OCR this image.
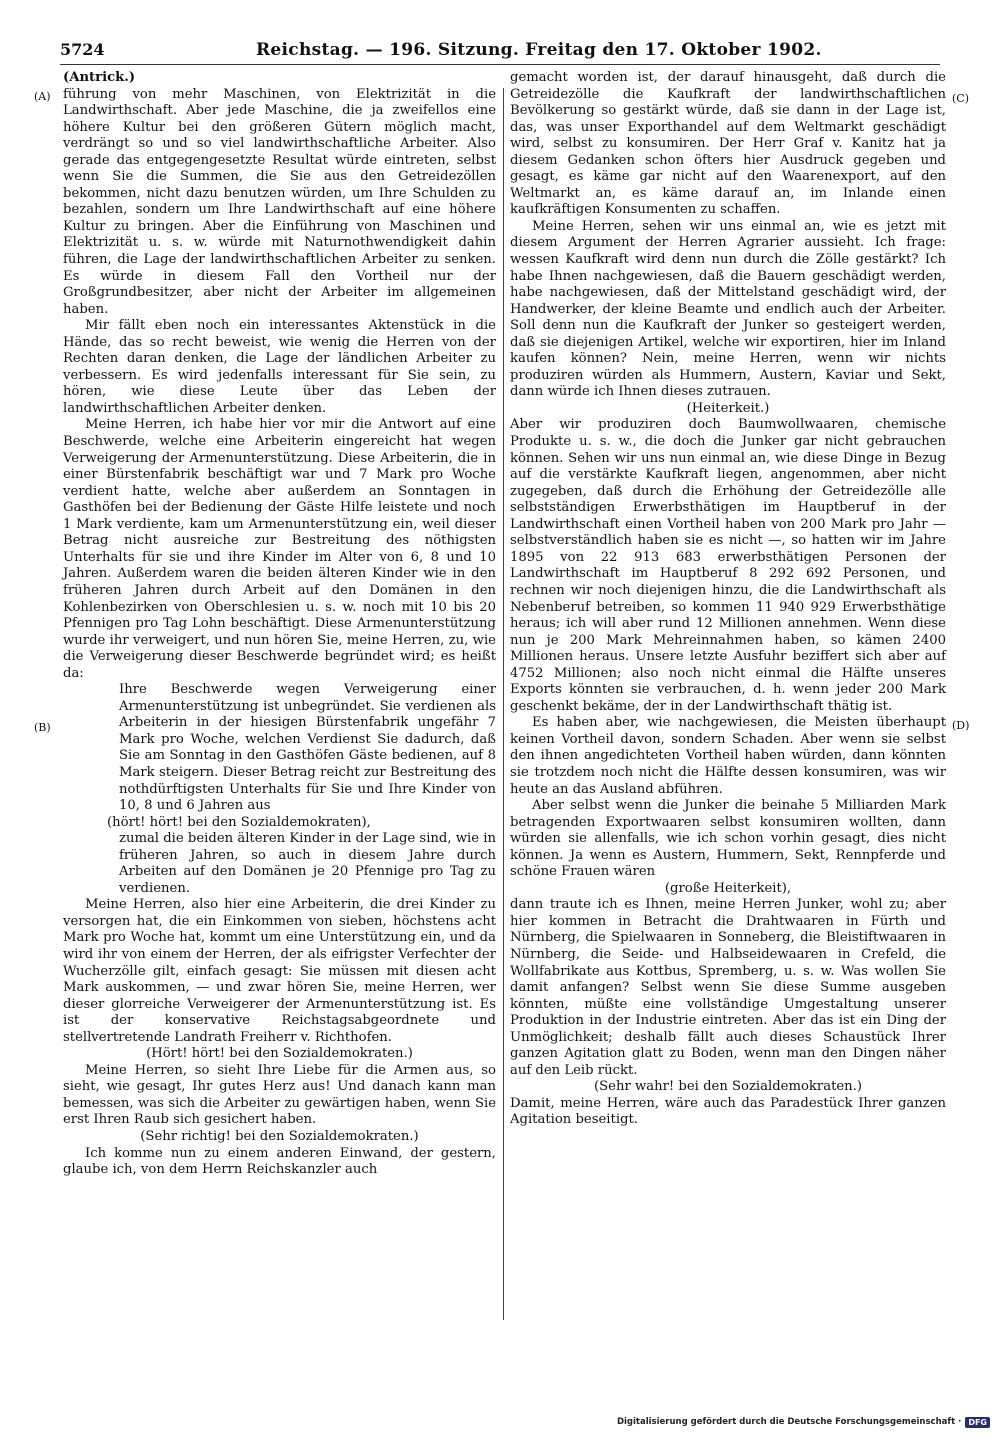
5724	Reichstag. — 196. Sitzung. Freitag den 17. Oktober 1902.
(A)
(B)
(C)
(D)

(Antrick.)

führung von mehr Maschinen, von Elektrizität in die Landwirthschaft. Aber jede Maschine, die ja zweifellos eine höhere Kultur bei den größeren Gütern möglich macht, verdrängt so und so viel landwirthschaftliche Arbeiter. Also gerade das entgegengesetzte Resultat würde eintreten, selbst wenn Sie die Summen, die Sie aus den Getreidezöllen bekommen, nicht dazu benutzen würden, um Ihre Schulden zu bezahlen, sondern um Ihre Landwirthschaft auf eine höhere Kultur zu bringen. Aber die Einführung von Maschinen und Elektrizität u. s. w. würde mit Naturnothwendigkeit dahin führen, die Lage der landwirthschaftlichen Arbeiter zu senken. Es würde in diesem Fall den Vortheil nur der Großgrundbesitzer, aber nicht der Arbeiter im allgemeinen haben.

Mir fällt eben noch ein interessantes Aktenstück in die Hände, das so recht beweist, wie wenig die Herren von der Rechten daran denken, die Lage der ländlichen Arbeiter zu verbessern. Es wird jedenfalls interessant für Sie sein, zu hören, wie diese Leute über das Leben der landwirthschaftlichen Arbeiter denken.

Meine Herren, ich habe hier vor mir die Antwort auf eine Beschwerde, welche eine Arbeiterin eingereicht hat wegen Verweigerung der Armenunterstützung. Diese Arbeiterin, die in einer Bürstenfabrik beschäftigt war und 7 Mark pro Woche verdient hatte, welche aber außerdem an Sonntagen in Gasthöfen bei der Bedienung der Gäste Hilfe leistete und noch 1 Mark verdiente, kam um Armenunterstützung ein, weil dieser Betrag nicht ausreiche zur Bestreitung des nöthigsten Unterhalts für sie und ihre Kinder im Alter von 6, 8 und 10 Jahren. Außerdem waren die beiden älteren Kinder wie in den früheren Jahren durch Arbeit auf den Domänen in den Kohlenbezirken von Oberschlesien u. s. w. noch mit 10 bis 20 Pfennigen pro Tag Lohn beschäftigt. Diese Armenunterstützung wurde ihr verweigert, und nun hören Sie, meine Herren, zu, wie die Verweigerung dieser Beschwerde begründet wird; es heißt da:

Ihre Beschwerde wegen Verweigerung einer Armenunterstützung ist unbegründet. Sie verdienen als Arbeiterin in der hiesigen Bürstenfabrik ungefähr 7 Mark pro Woche, welchen Verdienst Sie dadurch, daß Sie am Sonntag in den Gasthöfen Gäste bedienen, auf 8 Mark steigern. Dieser Betrag reicht zur Bestreitung des nothdürftigsten Unterhalts für Sie und Ihre Kinder von 10, 8 und 6 Jahren aus

(hört! hört! bei den Sozialdemokraten),

zumal die beiden älteren Kinder in der Lage sind, wie in früheren Jahren, so auch in diesem Jahre durch Arbeiten auf den Domänen je 20 Pfennige pro Tag zu verdienen.

Meine Herren, also hier eine Arbeiterin, die drei Kinder zu versorgen hat, die ein Einkommen von sieben, höchstens acht Mark pro Woche hat, kommt um eine Unterstützung ein, und da wird ihr von einem der Herren, der als eifrigster Verfechter der Wucherzölle gilt, einfach gesagt: Sie müssen mit diesen acht Mark auskommen, — und zwar hören Sie, meine Herren, wer dieser glorreiche Verweigerer der Armenunterstützung ist. Es ist der konservative Reichstagsabgeordnete und stellvertretende Landrath Freiherr v. Richthofen.

(Hört! hört! bei den Sozialdemokraten.)

Meine Herren, so sieht Ihre Liebe für die Armen aus, so sieht, wie gesagt, Ihr gutes Herz aus! Und danach kann man bemessen, was sich die Arbeiter zu gewärtigen haben, wenn Sie erst Ihren Raub sich gesichert haben.

(Sehr richtig! bei den Sozialdemokraten.)

Ich komme nun zu einem anderen Einwand, der gestern, glaube ich, von dem Herrn Reichskanzler auch

gemacht worden ist, der darauf hinausgeht, daß durch die Getreidezölle die Kaufkraft der landwirthschaftlichen Bevölkerung so gestärkt würde, daß sie dann in der Lage ist, das, was unser Exporthandel auf dem Weltmarkt geschädigt wird, selbst zu konsumiren. Der Herr Graf v. Kanitz hat ja diesem Gedanken schon öfters hier Ausdruck gegeben und gesagt, es käme gar nicht auf den Waarenexport, auf den Weltmarkt an, es käme darauf an, im Inlande einen kaufkräftigen Konsumenten zu schaffen.

Meine Herren, sehen wir uns einmal an, wie es jetzt mit diesem Argument der Herren Agrarier aussieht. Ich frage: wessen Kaufkraft wird denn nun durch die Zölle gestärkt? Ich habe Ihnen nachgewiesen, daß die Bauern geschädigt werden, habe nachgewiesen, daß der Mittelstand geschädigt wird, der Handwerker, der kleine Beamte und endlich auch der Arbeiter. Soll denn nun die Kaufkraft der Junker so gesteigert werden, daß sie diejenigen Artikel, welche wir exportiren, hier im Inland kaufen können? Nein, meine Herren, wenn wir nichts produziren würden als Hummern, Austern, Kaviar und Sekt, dann würde ich Ihnen dieses zutrauen.

(Heiterkeit.)

Aber wir produziren doch Baumwollwaaren, chemische Produkte u. s. w., die doch die Junker gar nicht gebrauchen können. Sehen wir uns nun einmal an, wie diese Dinge in Bezug auf die verstärkte Kaufkraft liegen, angenommen, aber nicht zugegeben, daß durch die Erhöhung der Getreidezölle alle selbstständigen Erwerbsthätigen im Hauptberuf in der Landwirthschaft einen Vortheil haben von 200 Mark pro Jahr — selbstverständlich haben sie es nicht —, so hatten wir im Jahre 1895 von 22 913 683 erwerbsthätigen Personen der Landwirthschaft im Hauptberuf 8 292 692 Personen, und rechnen wir noch diejenigen hinzu, die die Landwirthschaft als Nebenberuf betreiben, so kommen 11 940 929 Erwerbsthätige heraus; ich will aber rund 12 Millionen annehmen. Wenn diese nun je 200 Mark Mehreinnahmen haben, so kämen 2400 Millionen heraus. Unsere letzte Ausfuhr beziffert sich aber auf 4752 Millionen; also noch nicht einmal die Hälfte unseres Exports könnten sie verbrauchen, d. h. wenn jeder 200 Mark geschenkt bekäme, der in der Landwirthschaft thätig ist.

Es haben aber, wie nachgewiesen, die Meisten überhaupt keinen Vortheil davon, sondern Schaden. Aber wenn sie selbst den ihnen angedichteten Vortheil haben würden, dann könnten sie trotzdem noch nicht die Hälfte dessen konsumiren, was wir heute an das Ausland abführen.

Aber selbst wenn die Junker die beinahe 5 Milliarden Mark betragenden Exportwaaren selbst konsumiren wollten, dann würden sie allenfalls, wie ich schon vorhin gesagt, dies nicht können. Ja wenn es Austern, Hummern, Sekt, Rennpferde und schöne Frauen wären

(große Heiterkeit),

dann traute ich es Ihnen, meine Herren Junker, wohl zu; aber hier kommen in Betracht die Drahtwaaren in Fürth und Nürnberg, die Spielwaaren in Sonneberg, die Bleistiftwaaren in Nürnberg, die Seide- und Halbseidewaaren in Crefeld, die Wollfabrikate aus Kottbus, Spremberg, u. s. w. Was wollen Sie damit anfangen? Selbst wenn Sie diese Summe ausgeben könnten, müßte eine vollständige Umgestaltung unserer Produktion in der Industrie eintreten. Aber das ist ein Ding der Unmöglichkeit; deshalb fällt auch dieses Schaustück Ihrer ganzen Agitation glatt zu Boden, wenn man den Dingen näher auf den Leib rückt.

(Sehr wahr! bei den Sozialdemokraten.)

Damit, meine Herren, wäre auch das Paradestück Ihrer ganzen Agitation beseitigt.

Digitalisierung gefördert durch die Deutsche Forschungsgemeinschaft · DFG
